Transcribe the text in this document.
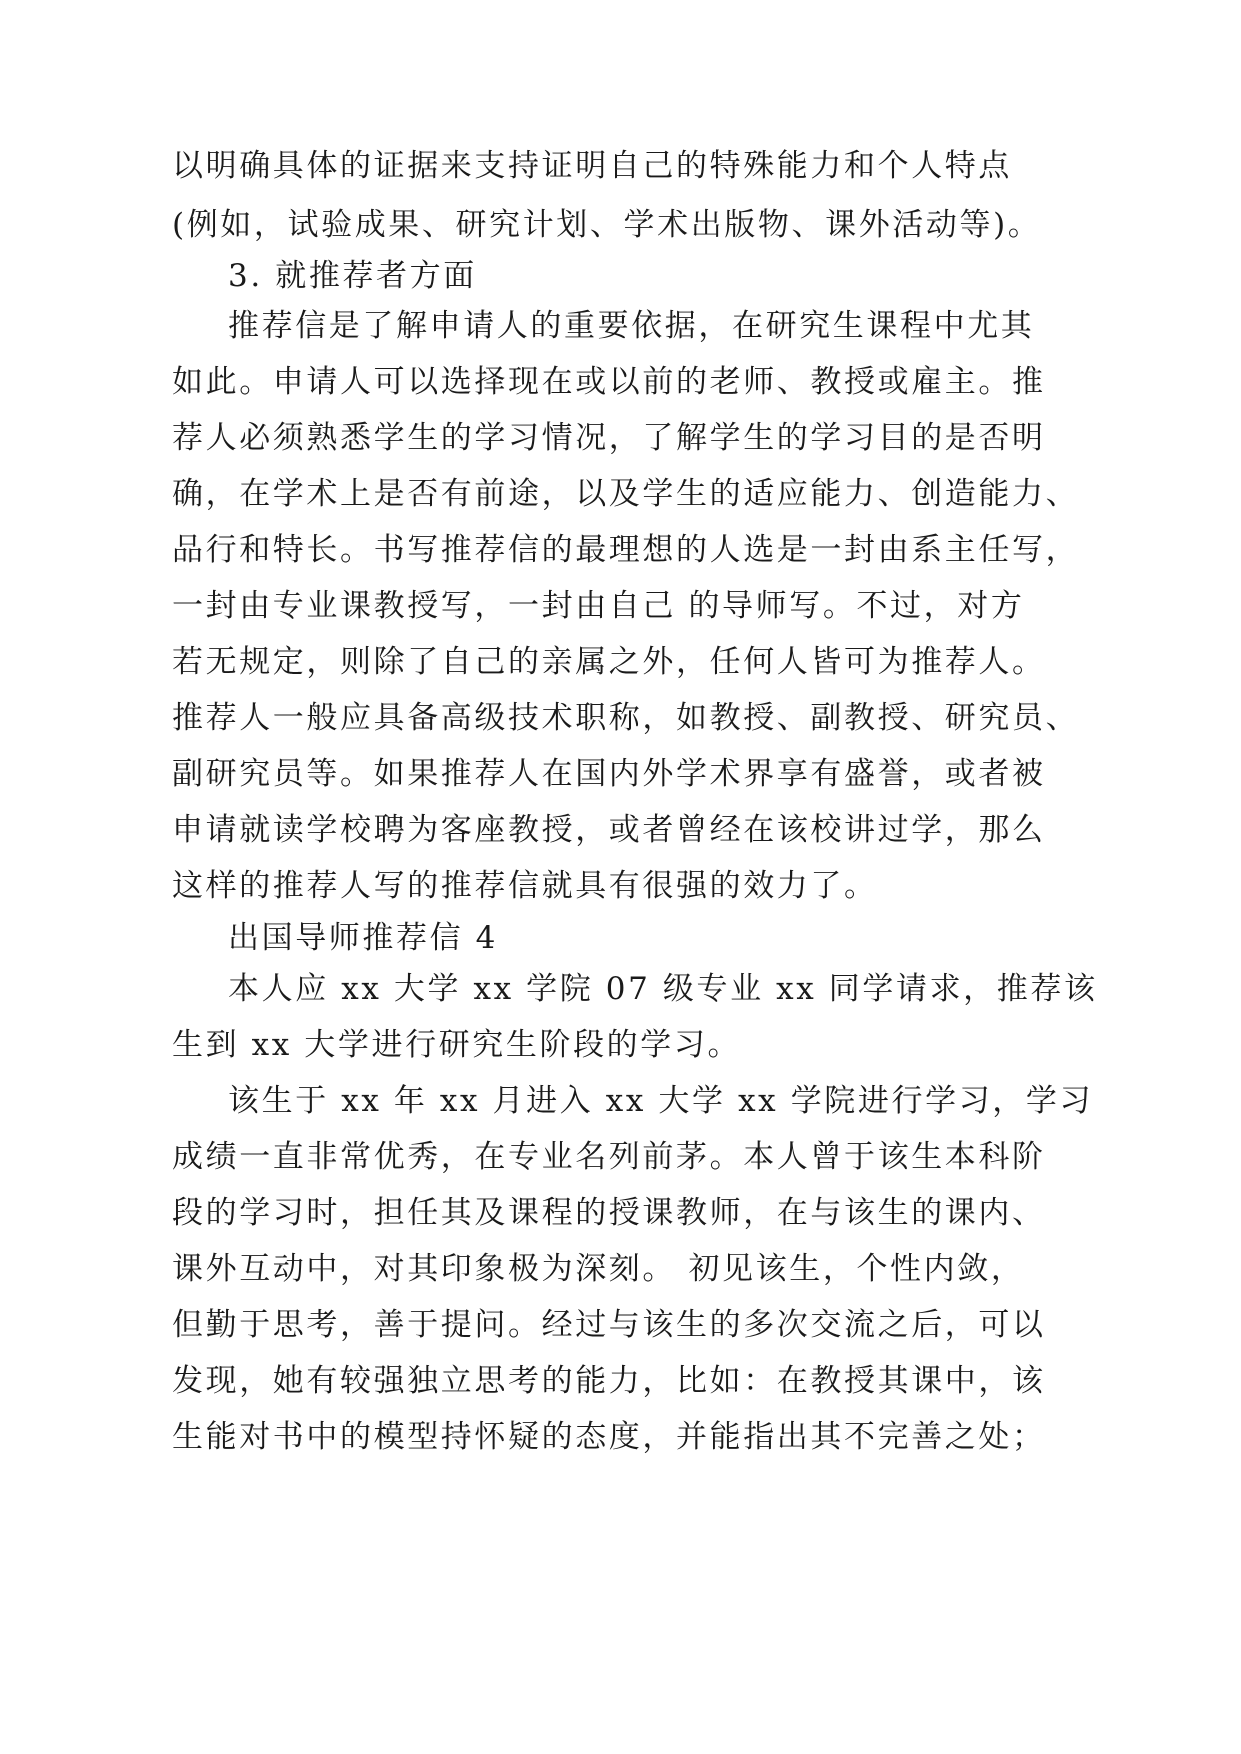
以明确具体的证据来支持证明自己的特殊能力和个人特点
(例如，试验成果、研究计划、学术出版物、课外活动等)。
3. 就推荐者方面
推荐信是了解申请人的重要依据，在研究生课程中尤其
如此。申请人可以选择现在或以前的老师、教授或雇主。推
荐人必须熟悉学生的学习情况，了解学生的学习目的是否明
确，在学术上是否有前途，以及学生的适应能力、创造能力、
品行和特长。书写推荐信的最理想的人选是一封由系主任写，
一封由专业课教授写，一封由自己 的导师写。不过，对方
若无规定，则除了自己的亲属之外，任何人皆可为推荐人。
推荐人一般应具备高级技术职称，如教授、副教授、研究员、
副研究员等。如果推荐人在国内外学术界享有盛誉，或者被
申请就读学校聘为客座教授，或者曾经在该校讲过学，那么
这样的推荐人写的推荐信就具有很强的效力了。
出国导师推荐信 4
本人应 xx 大学 xx 学院 07 级专业 xx 同学请求，推荐该
生到 xx 大学进行研究生阶段的学习。
该生于 xx 年 xx 月进入 xx 大学 xx 学院进行学习，学习
成绩一直非常优秀，在专业名列前茅。本人曾于该生本科阶
段的学习时，担任其及课程的授课教师，在与该生的课内、
课外互动中，对其印象极为深刻。 初见该生，个性内敛，
但勤于思考，善于提问。经过与该生的多次交流之后，可以
发现，她有较强独立思考的能力，比如：在教授其课中，该
生能对书中的模型持怀疑的态度，并能指出其不完善之处；
